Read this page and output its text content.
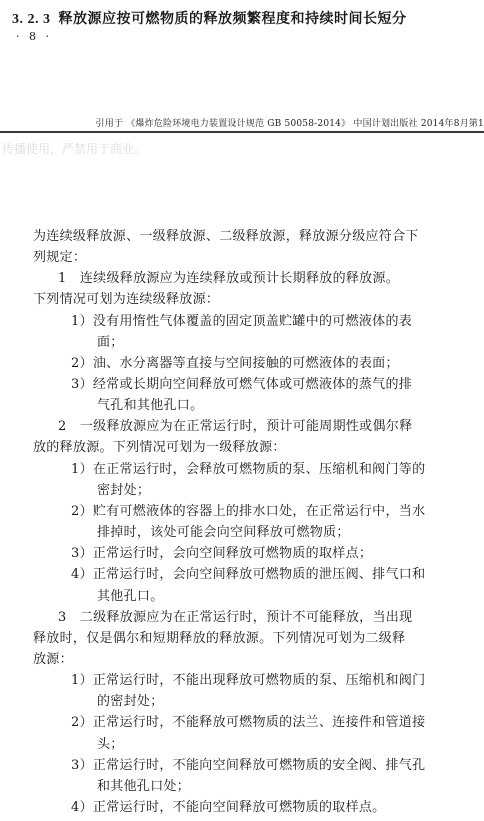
3. 2. 3 释放源应按可燃物质的释放频繁程度和持续时间长短分
· 8 ·
引用于 《爆炸危险环境电力装置设计规范 GB 50058-2014》 中国计划出版社 2014年8月第1
传播使用，严禁用于商业。
为连续级释放源、一级释放源、二级释放源，释放源分级应符合下
列规定：
1　连续级释放源应为连续释放或预计长期释放的释放源。
下列情况可划为连续级释放源：
1）没有用惰性气体覆盖的固定顶盖贮罐中的可燃液体的表
面；
2）油、水分离器等直接与空间接触的可燃液体的表面；
3）经常或长期向空间释放可燃气体或可燃液体的蒸气的排
气孔和其他孔口。
2　一级释放源应为在正常运行时，预计可能周期性或偶尔释
放的释放源。下列情况可划为一级释放源：
1）在正常运行时，会释放可燃物质的泵、压缩机和阀门等的
密封处；
2）贮有可燃液体的容器上的排水口处，在正常运行中，当水
排掉时，该处可能会向空间释放可燃物质；
3）正常运行时，会向空间释放可燃物质的取样点；
4）正常运行时，会向空间释放可燃物质的泄压阀、排气口和
其他孔口。
3　二级释放源应为在正常运行时，预计不可能释放，当出现
释放时，仅是偶尔和短期释放的释放源。下列情况可划为二级释
放源：
1）正常运行时，不能出现释放可燃物质的泵、压缩机和阀门
的密封处；
2）正常运行时，不能释放可燃物质的法兰、连接件和管道接
头；
3）正常运行时，不能向空间释放可燃物质的安全阀、排气孔
和其他孔口处；
4）正常运行时，不能向空间释放可燃物质的取样点。
